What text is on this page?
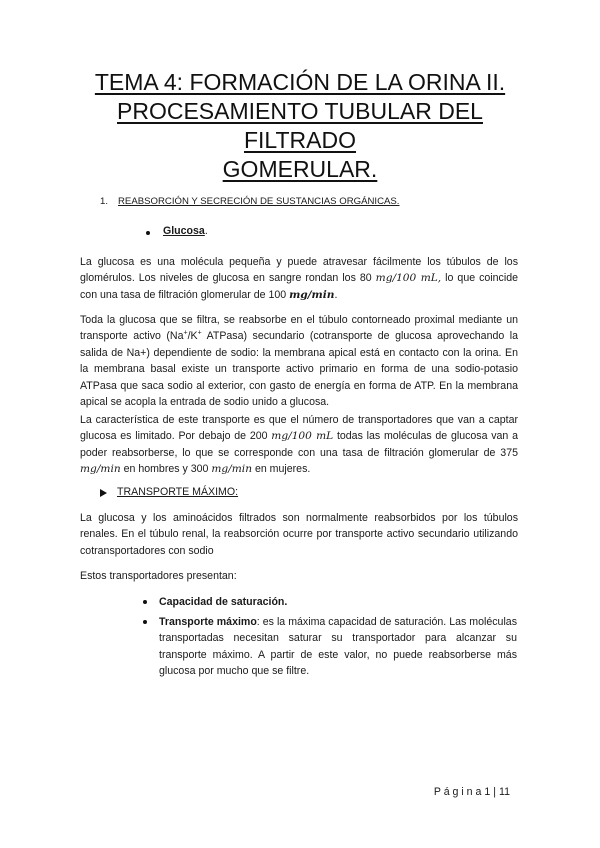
TEMA 4: FORMACIÓN DE LA ORINA II.
PROCESAMIENTO TUBULAR DEL FILTRADO
GOMERULAR.
1. REABSORCIÓN Y SECRECIÓN DE SUSTANCIAS ORGÁNICAS.
Glucosa.

La glucosa es una molécula pequeña y puede atravesar fácilmente los túbulos de los glomérulos. Los niveles de glucosa en sangre rondan los 80 mg/100 mL, lo que coincide con una tasa de filtración glomerular de 100 mg/min.

Toda la glucosa que se filtra, se reabsorbe en el túbulo contorneado proximal mediante un transporte activo (Na+/K+ ATPasa) secundario (cotransporte de glucosa aprovechando la salida de Na+) dependiente de sodio: la membrana apical está en contacto con la orina. En la membrana basal existe un transporte activo primario en forma de una sodio-potasio ATPasa que saca sodio al exterior, con gasto de energía en forma de ATP. En la membrana apical se acopla la entrada de sodio unido a glucosa.

La característica de este transporte es que el número de transportadores que van a captar glucosa es limitado. Por debajo de 200 mg/100 mL todas las moléculas de glucosa van a poder reabsorberse, lo que se corresponde con una tasa de filtración glomerular de 375 mg/min en hombres y 300 mg/min en mujeres.

TRANSPORTE MÁXIMO:

La glucosa y los aminoácidos filtrados son normalmente reabsorbidos por los túbulos renales. En el túbulo renal, la reabsorción ocurre por transporte activo secundario utilizando cotransportadores con sodio

Estos transportadores presentan:

Capacidad de saturación.

Transporte máximo: es la máxima capacidad de saturación. Las moléculas transportadas necesitan saturar su transportador para alcanzar su transporte máximo. A partir de este valor, no puede reabsorberse más glucosa por mucho que se filtre.

P á g i n a 1 | 11
